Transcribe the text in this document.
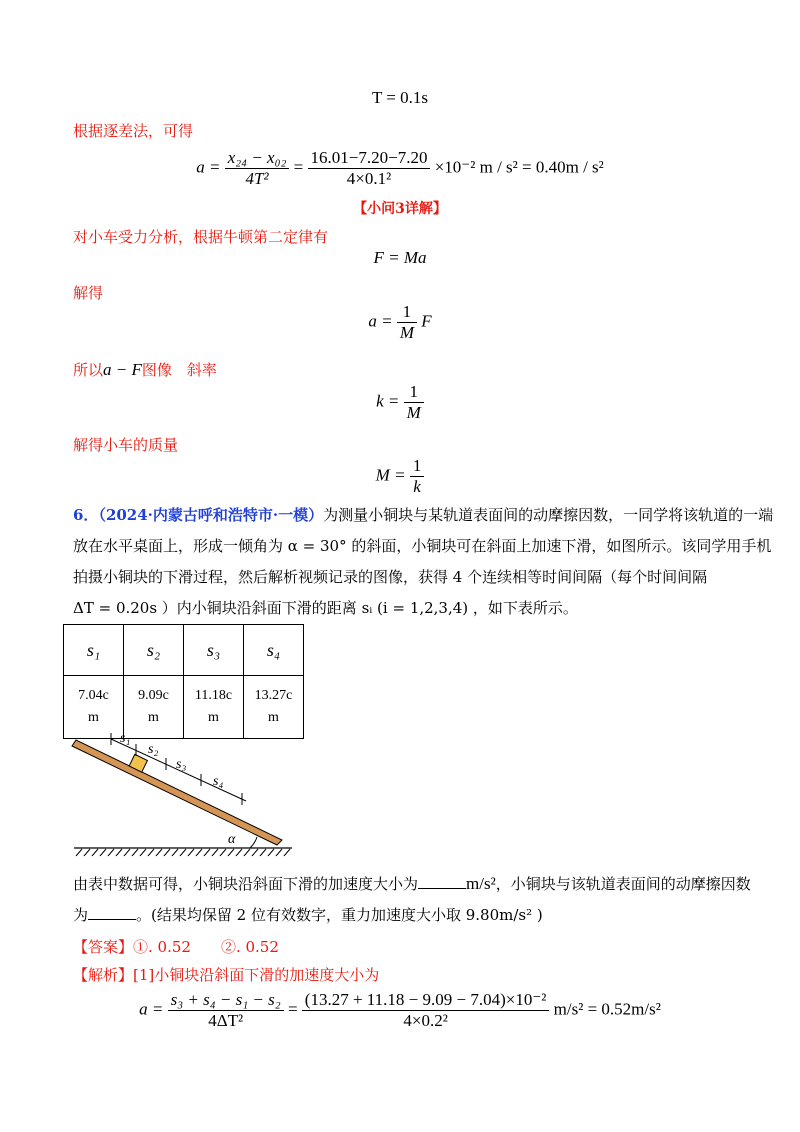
T = 0.1s
根据逐差法，可得
$a = \frac{\text{x₂₄ − x₀₂}}{\text{4T²}} = \frac{16.01-7.20-7.20}{\text{4×0.1²}} \times 10^{-2}$ m / s² = 0.40m / s²
【小问3详解】
对小车受力分析，根据牛顿第二定律有
F = Ma
解得
$a = \frac{1}{M}$ F
所以a − F图像　斜率
$k = \frac{1}{M}$
解得小车的质量
$M = \frac{1}{k}$
6．（2024·内蒙古呼和浩特市·一模）为测量小铜块与某轨道表面间的动摩擦因数，一同学将该轨道的一端
放在水平桌面上，形成一倾角为 α = 30° 的斜面，小铜块可在斜面上加速下滑，如图所示。该同学用手机
拍摄小铜块的下滑过程，然后解析视频记录的图像，获得 4 个连续相等时间间隔（每个时间间隔
ΔT = 0.20s ）内小铜块沿斜面下滑的距离 sᵢ (i = 1,2,3,4) ，如下表所示。
s₁	s₂	s₃	s₄
7.04c
m	9.09c
m	11.18c
m	13.27c
m
s₁
s₂
s₃
s₄
α
由表中数据可得，小铜块沿斜面下滑的加速度大小为	m/s²，小铜块与该轨道表面间的动摩擦因数
为	。(结果均保留 2 位有效数字，重力加速度大小取 9.80m/s² )
【答案】①. 0.52　　②. 0.52
【解析】[1]小铜块沿斜面下滑的加速度大小为
$a = \frac{\text{s₃ + s₄ − s₁ − s₂}}{\text{4ΔT²}} = \frac{\text{(13.27 + 11.18 − 9.09 − 7.04)×10⁻²}}{\text{4×0.2²}} m/s^2 = 0.52m/s^2$
